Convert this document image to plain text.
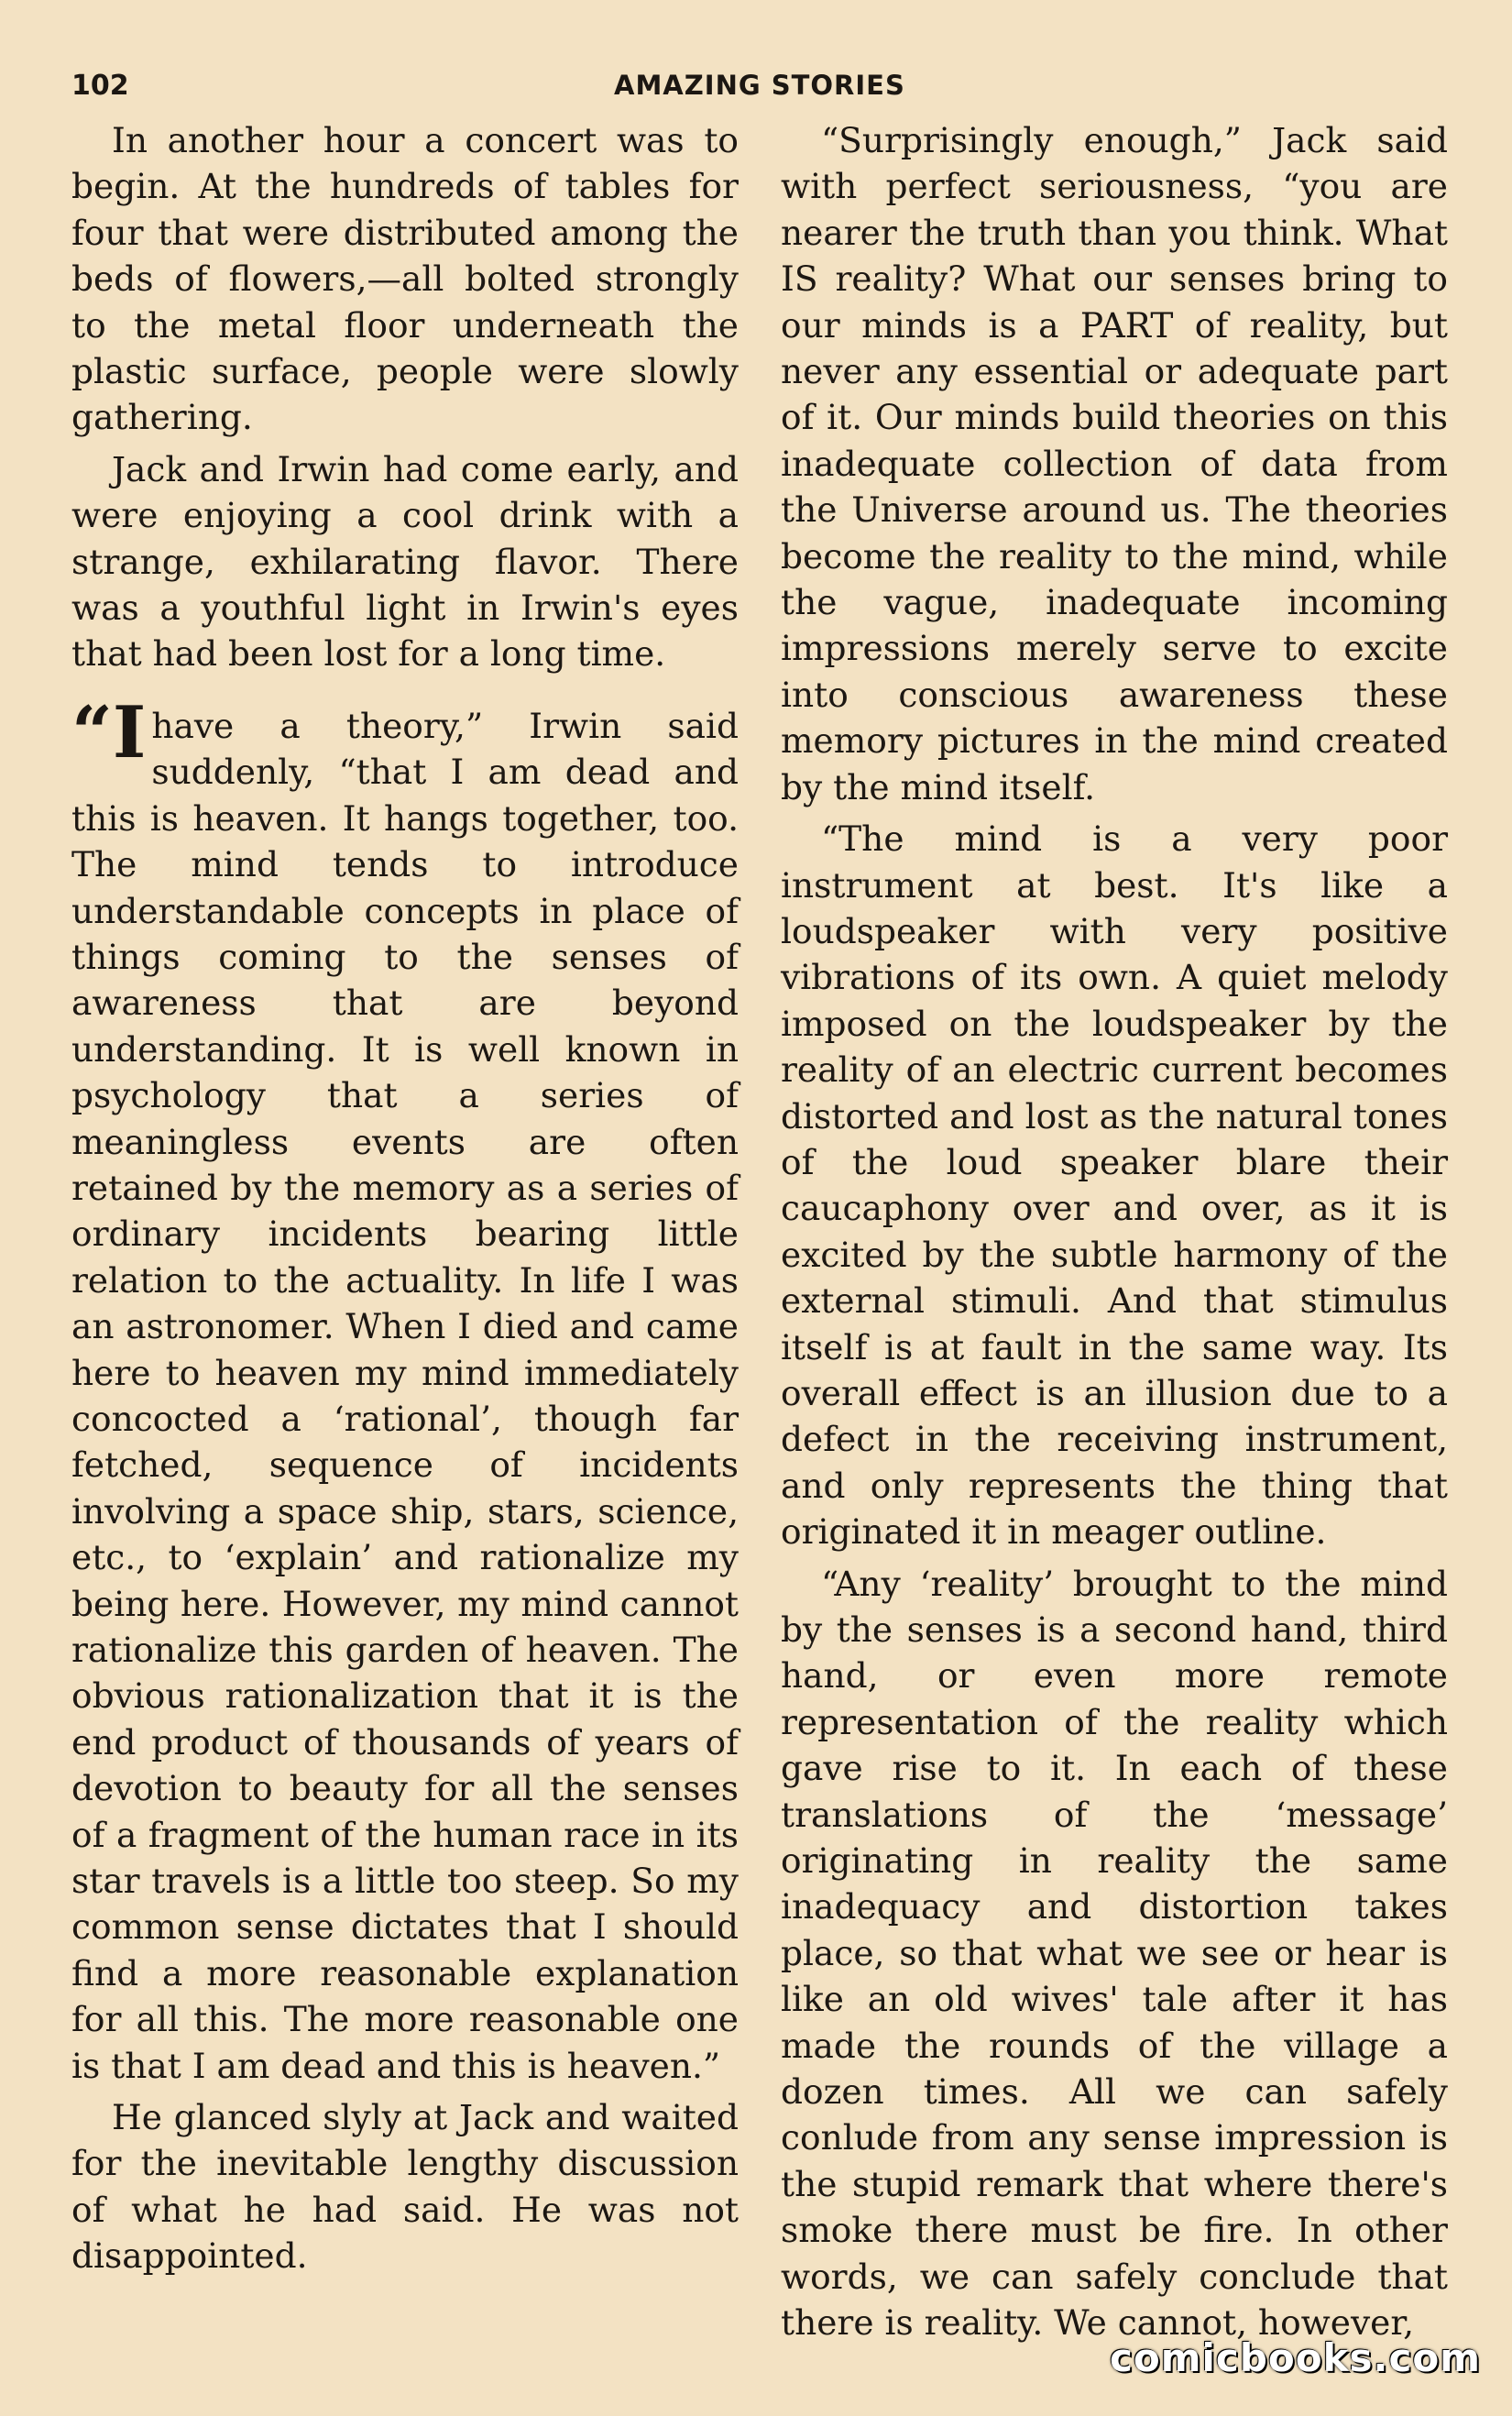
102	AMAZING STORIES

In another hour a concert was to begin. At the hundreds of tables for four that were distributed among the beds of flowers,—all bolted strongly to the metal floor underneath the plastic surface, people were slowly gathering.

Jack and Irwin had come early, and were enjoying a cool drink with a strange, exhilarating flavor. There was a youthful light in Irwin's eyes that had been lost for a long time.

“I have a theory,” Irwin said suddenly, “that I am dead and this is heaven. It hangs together, too. The mind tends to introduce understandable concepts in place of things coming to the senses of awareness that are beyond understanding. It is well known in psychology that a series of meaningless events are often retained by the memory as a series of ordinary incidents bearing little relation to the actuality. In life I was an astronomer. When I died and came here to heaven my mind immediately concocted a ‘rational’, though far fetched, sequence of incidents involving a space ship, stars, science, etc., to ‘explain’ and rationalize my being here. However, my mind cannot rationalize this garden of heaven. The obvious rationalization that it is the end product of thousands of years of devotion to beauty for all the senses of a fragment of the human race in its star travels is a little too steep. So my common sense dictates that I should find a more reasonable explanation for all this. The more reasonable one is that I am dead and this is heaven.”

He glanced slyly at Jack and waited for the inevitable lengthy discussion of what he had said. He was not disappointed.

“Surprisingly enough,” Jack said with perfect seriousness, “you are nearer the truth than you think. What IS reality? What our senses bring to our minds is a PART of reality, but never any essential or adequate part of it. Our minds build theories on this inadequate collection of data from the Universe around us. The theories become the reality to the mind, while the vague, inadequate incoming impressions merely serve to excite into conscious awareness these memory pictures in the mind created by the mind itself.

“The mind is a very poor instrument at best. It's like a loudspeaker with very positive vibrations of its own. A quiet melody imposed on the loudspeaker by the reality of an electric current becomes distorted and lost as the natural tones of the loud speaker blare their caucaphony over and over, as it is excited by the subtle harmony of the external stimuli. And that stimulus itself is at fault in the same way. Its overall effect is an illusion due to a defect in the receiving instrument, and only represents the thing that originated it in meager outline.

“Any ‘reality’ brought to the mind by the senses is a second hand, third hand, or even more remote representation of the reality which gave rise to it. In each of these translations of the ‘message’ originating in reality the same inadequacy and distortion takes place, so that what we see or hear is like an old wives' tale after it has made the rounds of the village a dozen times. All we can safely conlude from any sense impression is the stupid remark that where there's smoke there must be fire. In other words, we can safely conclude that there is reality. We cannot, however,

comicbooks.com
